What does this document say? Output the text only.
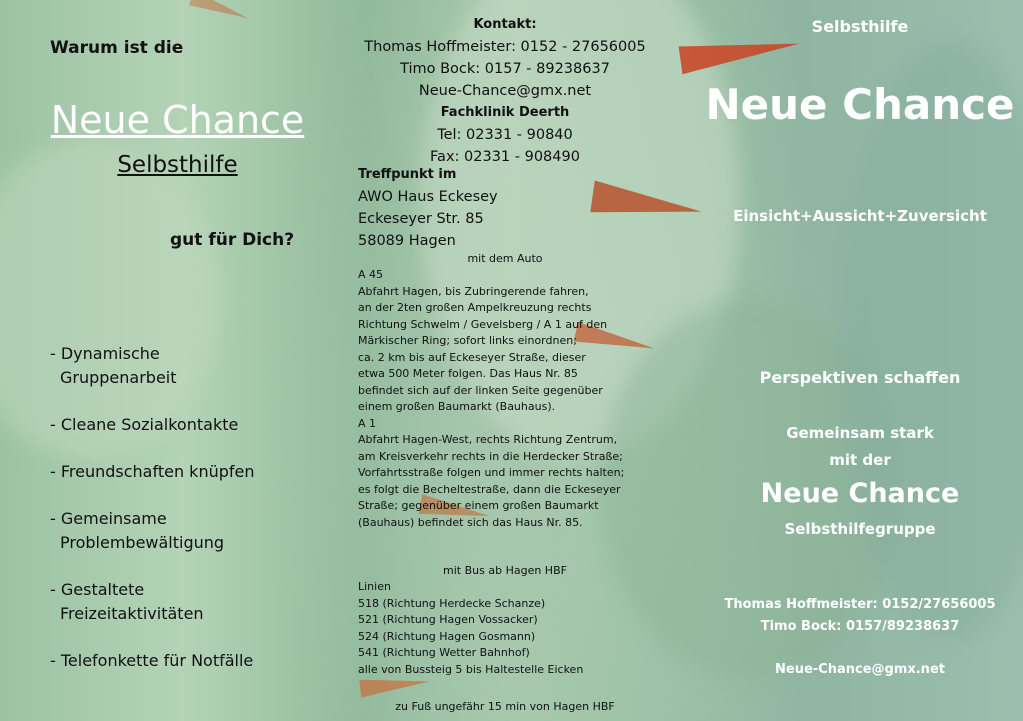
Warum ist die
Neue Chance
Selbsthilfe
gut für Dich?
- Dynamische
Gruppenarbeit
- Cleane Sozialkontakte
- Freundschaften knüpfen
- Gemeinsame
Problembewältigung
- Gestaltete
Freizeitaktivitäten
- Telefonkette für Notfälle
Kontakt:
Thomas Hoffmeister: 0152 - 27656005
Timo Bock: 0157 - 89238637
Neue-Chance@gmx.net
Fachklinik Deerth
Tel: 02331 - 90840
Fax: 02331 - 908490
Treffpunkt im
AWO Haus Eckesey
Eckeseyer Str. 85
58089 Hagen
mit dem Auto
A 45
Abfahrt Hagen, bis Zubringerende fahren,
an der 2ten großen Ampelkreuzung rechts
Richtung Schwelm / Gevelsberg / A 1 auf den
Märkischer Ring; sofort links einordnen;
ca. 2 km bis auf Eckeseyer Straße, dieser
etwa 500 Meter folgen. Das Haus Nr. 85
befindet sich auf der linken Seite gegenüber
einem großen Baumarkt (Bauhaus).
A 1
Abfahrt Hagen-West, rechts Richtung Zentrum,
am Kreisverkehr rechts in die Herdecker Straße;
Vorfahrtsstraße folgen und immer rechts halten;
es folgt die Becheltestraße, dann die Eckeseyer
Straße; gegenüber einem großen Baumarkt
(Bauhaus) befindet sich das Haus Nr. 85.
mit Bus ab Hagen HBF
Linien
518 (Richtung Herdecke Schanze)
521 (Richtung Hagen Vossacker)
524 (Richtung Hagen Gosmann)
541 (Richtung Wetter Bahnhof)
alle von Bussteig 5 bis Haltestelle Eicken
zu Fuß ungefähr 15 min von Hagen HBF
Selbsthilfe
Neue Chance
Einsicht+Aussicht+Zuversicht
Perspektiven schaffen
Gemeinsam stark
mit der
Neue Chance
Selbsthilfegruppe
Thomas Hoffmeister: 0152/27656005
Timo Bock: 0157/89238637
Neue-Chance@gmx.net
